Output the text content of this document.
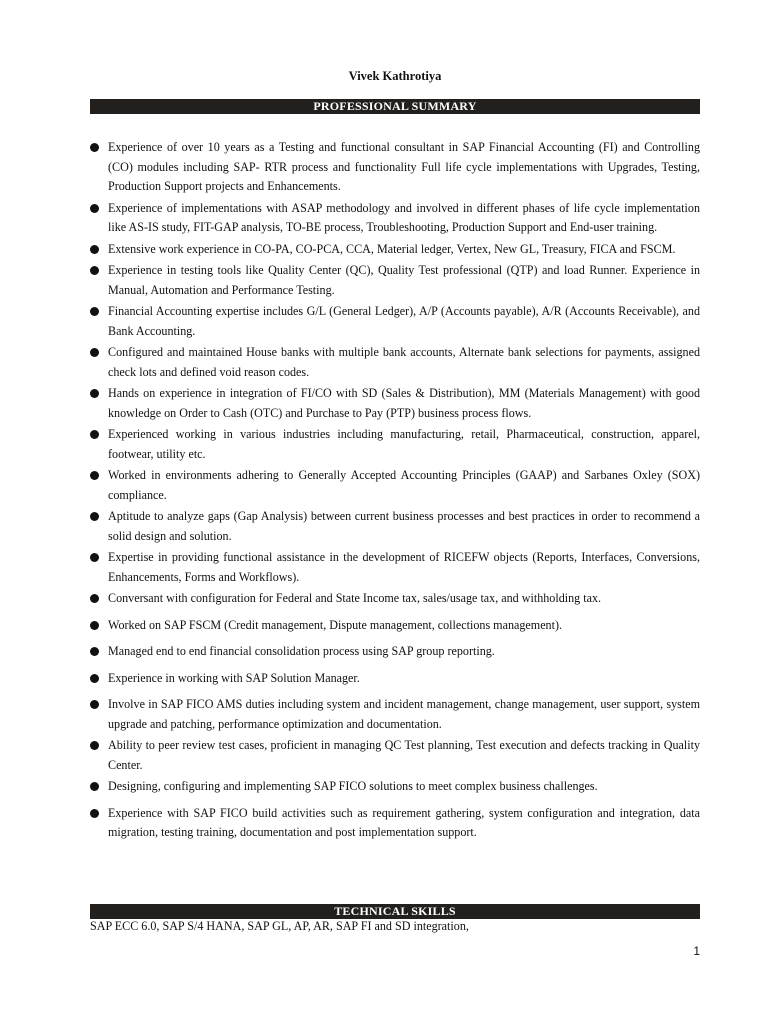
Vivek Kathrotiya
PROFESSIONAL SUMMARY
Experience of over 10 years as a Testing and functional consultant in SAP Financial Accounting (FI) and Controlling (CO) modules including SAP- RTR process and functionality Full life cycle implementations with Upgrades, Testing, Production Support projects and Enhancements.
Experience of implementations with ASAP methodology and involved in different phases of life cycle implementation like AS-IS study, FIT-GAP analysis, TO-BE process, Troubleshooting, Production Support and End-user training.
Extensive work experience in CO-PA, CO-PCA, CCA, Material ledger, Vertex, New GL, Treasury, FICA and FSCM.
Experience in testing tools like Quality Center (QC), Quality Test professional (QTP) and load Runner. Experience in Manual, Automation and Performance Testing.
Financial Accounting expertise includes G/L (General Ledger), A/P (Accounts payable), A/R (Accounts Receivable), and Bank Accounting.
Configured and maintained House banks with multiple bank accounts, Alternate bank selections for payments, assigned check lots and defined void reason codes.
Hands on experience in integration of FI/CO with SD (Sales & Distribution), MM (Materials Management) with good knowledge on Order to Cash (OTC) and Purchase to Pay (PTP) business process flows.
Experienced working in various industries including manufacturing, retail, Pharmaceutical, construction, apparel, footwear, utility etc.
Worked in environments adhering to Generally Accepted Accounting Principles (GAAP) and Sarbanes Oxley (SOX) compliance.
Aptitude to analyze gaps (Gap Analysis) between current business processes and best practices in order to recommend a solid design and solution.
Expertise in providing functional assistance in the development of RICEFW objects (Reports, Interfaces, Conversions, Enhancements, Forms and Workflows).
Conversant with configuration for Federal and State Income tax, sales/usage tax, and withholding tax.
Worked on SAP FSCM (Credit management, Dispute management, collections management).
Managed end to end financial consolidation process using SAP group reporting.
Experience in working with SAP Solution Manager.
Involve in SAP FICO AMS duties including system and incident management, change management, user support, system upgrade and patching, performance optimization and documentation.
Ability to peer review test cases, proficient in managing QC Test planning, Test execution and defects tracking in Quality Center.
Designing, configuring and implementing SAP FICO solutions to meet complex business challenges.
Experience with SAP FICO build activities such as requirement gathering, system configuration and integration, data migration, testing training, documentation and post implementation support.
TECHNICAL SKILLS
SAP ECC 6.0, SAP S/4 HANA, SAP GL, AP, AR, SAP FI and SD integration,
1
